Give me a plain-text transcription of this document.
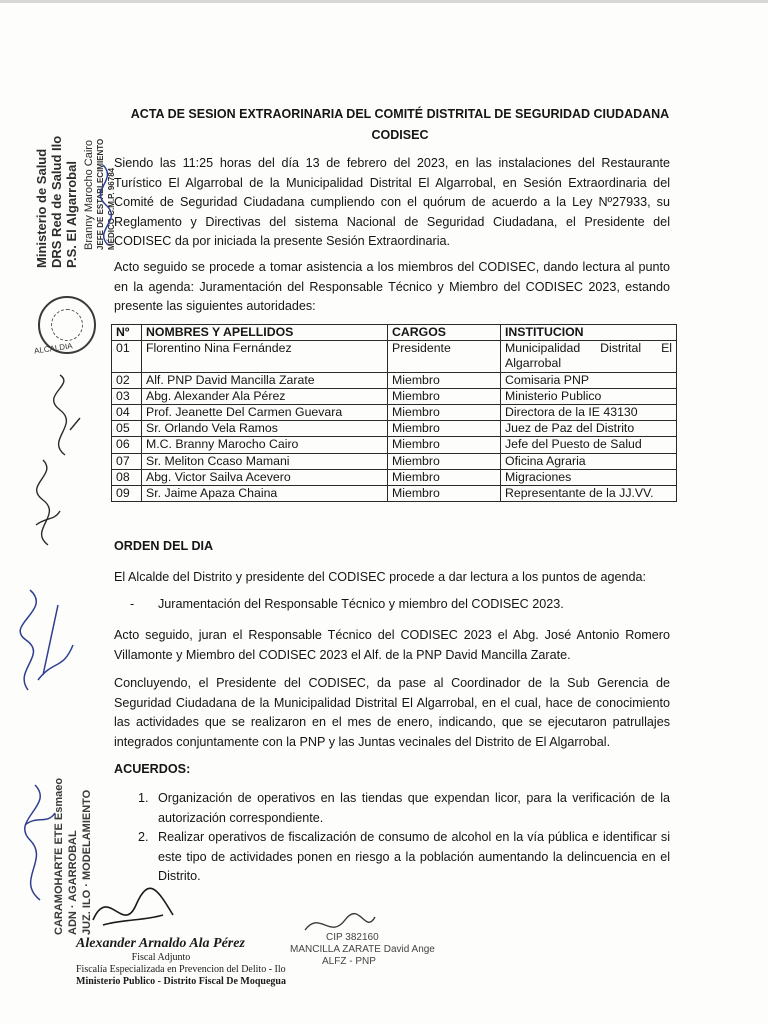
ACTA DE SESION EXTRAORINARIA DEL COMITÉ DISTRITAL DE SEGURIDAD CIUDADANA
CODISEC

Siendo las 11:25 horas del día 13 de febrero del 2023, en las instalaciones del Restaurante Turístico El Algarrobal de la Municipalidad Distrital El Algarrobal, en Sesión Extraordinaria del Comité de Seguridad Ciudadana cumpliendo con el quórum de acuerdo a la Ley Nº27933, su Reglamento y Directivas del sistema Nacional de Seguridad Ciudadana, el Presidente del CODISEC da por iniciada la presente Sesión Extraordinaria.

Acto seguido se procede a tomar asistencia a los miembros del CODISEC, dando lectura al punto en la agenda: Juramentación del Responsable Técnico y Miembro del CODISEC 2023, estando presente las siguientes autoridades:

Nº	NOMBRES Y APELLIDOS	CARGOS	INSTITUCION
01	Florentino Nina Fernández	Presidente	Municipalidad Distrital El Algarrobal
02	Alf. PNP David Mancilla Zarate	Miembro	Comisaria PNP
03	Abg. Alexander Ala Pérez	Miembro	Ministerio Publico
04	Prof. Jeanette Del Carmen Guevara	Miembro	Directora de la IE 43130
05	Sr. Orlando Vela Ramos	Miembro	Juez de Paz del Distrito
06	M.C. Branny Marocho Cairo	Miembro	Jefe del Puesto de Salud
07	Sr. Meliton Ccaso Mamani	Miembro	Oficina Agraria
08	Abg. Victor Sailva Acevero	Miembro	Migraciones
09	Sr. Jaime Apaza Chaina	Miembro	Representante de la JJ.VV.
ORDEN DEL DIA

El Alcalde del Distrito y presidente del CODISEC procede a dar lectura a los puntos de agenda:

- Juramentación del Responsable Técnico y miembro del CODISEC 2023.

Acto seguido, juran el Responsable Técnico del CODISEC 2023 el Abg. José Antonio Romero Villamonte y Miembro del CODISEC 2023 el Alf. de la PNP David Mancilla Zarate.

Concluyendo, el Presidente del CODISEC, da pase al Coordinador de la Sub Gerencia de Seguridad Ciudadana de la Municipalidad Distrital El Algarrobal, en el cual, hace de conocimiento las actividades que se realizaron en el mes de enero, indicando, que se ejecutaron patrullajes integrados conjuntamente con la PNP y las Juntas vecinales del Distrito de El Algarrobal.

ACUERDOS:
1. Organización de operativos en las tiendas que expendan licor, para la verificación de la autorización correspondiente.
2. Realizar operativos de fiscalización de consumo de alcohol en la vía pública e identificar si este tipo de actividades ponen en riesgo a la población aumentando la delincuencia en el Distrito.
Ministerio de Salud DRS Red de Salud Ilo P.S. El Algarrobal Branny Marocho Cairo JEFE DE ESTABLECIMIENTO MÉDICO C.M.P. 96784
ALCALDIA
CARAMOHARTE ETE Esmaeo ADN · AGARROBAL JUZ. ILO · MODELAMIENTO
Alexander Arnaldo Ala Pérez
Fiscal Adjunto
Fiscalía Especializada en Prevencion del Delito - Ilo
Ministerio Publico - Distrito Fiscal De Moquegua
CIP 382160
MANCILLA ZARATE David Ange
ALFZ - PNP
